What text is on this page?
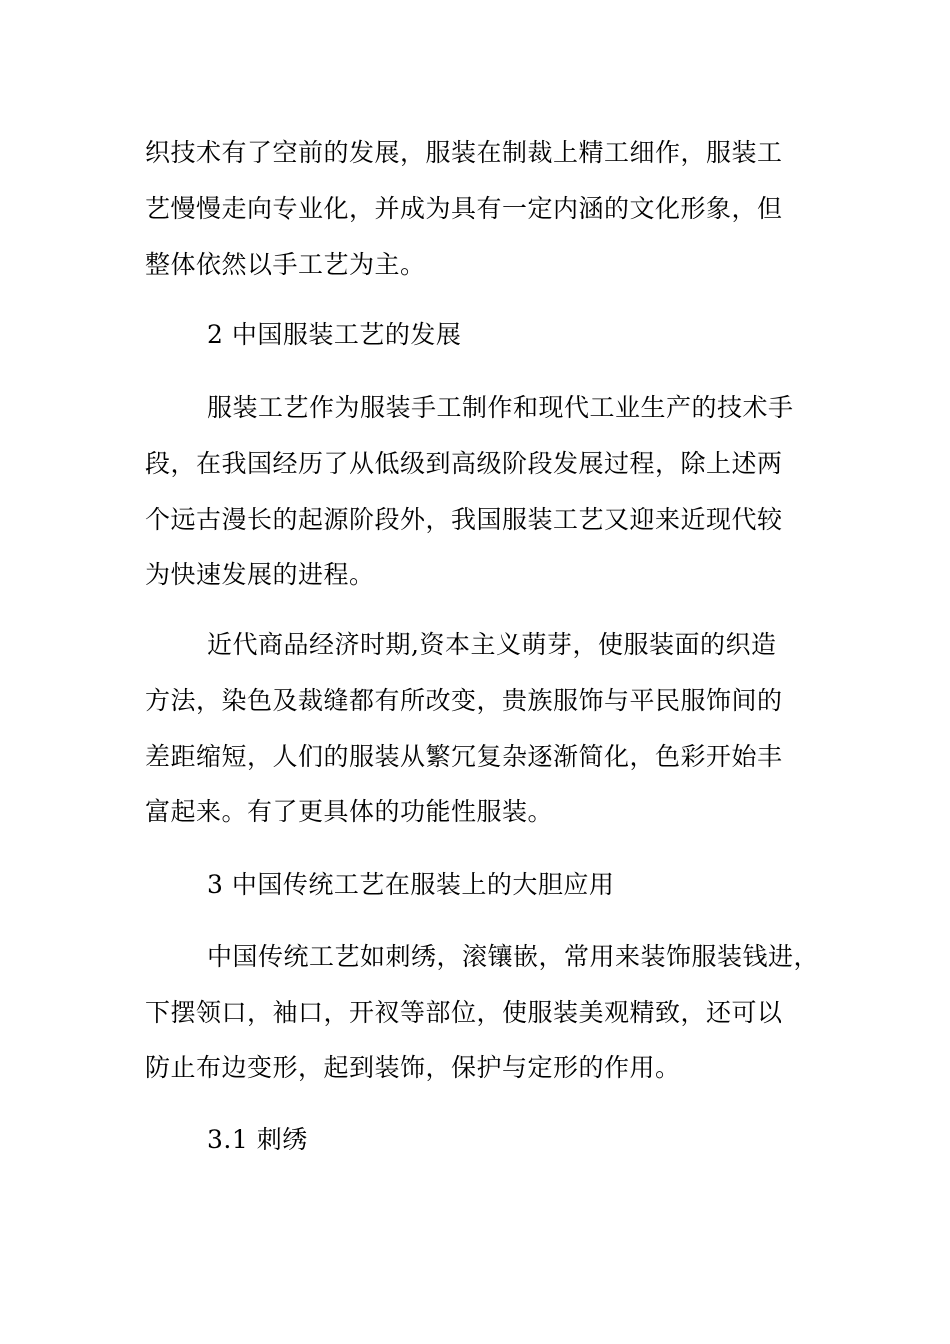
织技术有了空前的发展，服装在制裁上精工细作，服装工
艺慢慢走向专业化，并成为具有一定内涵的文化形象，但
整体依然以手工艺为主。
2 中国服装工艺的发展
服装工艺作为服装手工制作和现代工业生产的技术手
段，在我国经历了从低级到高级阶段发展过程，除上述两
个远古漫长的起源阶段外，我国服装工艺又迎来近现代较
为快速发展的进程。
近代商品经济时期,资本主义萌芽，使服装面的织造
方法，染色及裁缝都有所改变，贵族服饰与平民服饰间的
差距缩短，人们的服装从繁冗复杂逐渐简化，色彩开始丰
富起来。有了更具体的功能性服装。
3 中国传统工艺在服装上的大胆应用
中国传统工艺如刺绣，滚镶嵌，常用来装饰服装钱进，
下摆领口，袖口，开衩等部位，使服装美观精致，还可以
防止布边变形，起到装饰，保护与定形的作用。
3.1 刺绣
